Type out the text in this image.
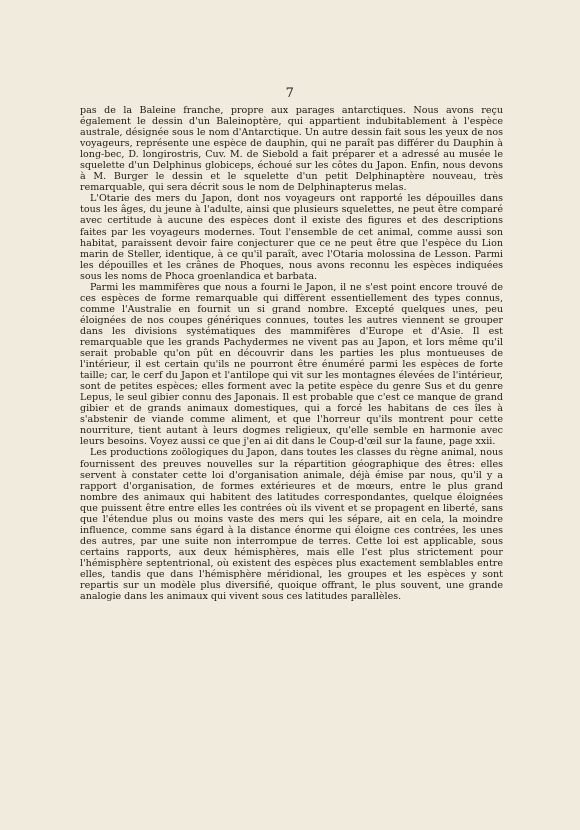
7

pas de la Baleine franche, propre aux parages antarctiques. Nous avons reçu également le dessin d'un Baleinoptère, qui appartient indubitablement à l'espèce australe, désignée sous le nom d'Antarctique. Un autre dessin fait sous les yeux de nos voyageurs, représente une espèce de dauphin, qui ne paraît pas différer du Dauphin à long-bec, D. longirostris, Cuv. M. de Siebold a fait préparer et a adressé au musée le squelette d'un Delphinus globiceps, échoué sur les côtes du Japon. Enfin, nous devons à M. Burger le dessin et le squelette d'un petit Delphinaptère nouveau, très remarquable, qui sera décrit sous le nom de Delphinapterus melas.

L'Otarie des mers du Japon, dont nos voyageurs ont rapporté les dépouilles dans tous les âges, du jeune à l'adulte, ainsi que plusieurs squelettes, ne peut être comparé avec certitude à aucune des espèces dont il existe des figures et des descriptions faites par les voyageurs modernes. Tout l'ensemble de cet animal, comme aussi son habitat, paraissent devoir faire conjecturer que ce ne peut être que l'espèce du Lion marin de Steller, identique, à ce qu'il paraît, avec l'Otaria molossina de Lesson. Parmi les dépouilles et les crânes de Phoques, nous avons reconnu les espèces indiquées sous les noms de Phoca groenlandica et barbata.

Parmi les mammifères que nous a fourni le Japon, il ne s'est point encore trouvé de ces espèces de forme remarquable qui diffèrent essentiellement des types connus, comme l'Australie en fournit un si grand nombre. Excepté quelques unes, peu éloignées de nos coupes génériques connues, toutes les autres viennent se grouper dans les divisions systématiques des mammifères d'Europe et d'Asie. Il est remarquable que les grands Pachydermes ne vivent pas au Japon, et lors même qu'il serait probable qu'on pût en découvrir dans les parties les plus montueuses de l'intérieur, il est certain qu'ils ne pourront être énuméré parmi les espèces de forte taille; car, le cerf du Japon et l'antilope qui vit sur les montagnes élevées de l'intérieur, sont de petites espèces; elles forment avec la petite espèce du genre Sus et du genre Lepus, le seul gibier connu des Japonais. Il est probable que c'est ce manque de grand gibier et de grands animaux domestiques, qui a forcé les habitans de ces îles à s'abstenir de viande comme aliment, et que l'horreur qu'ils montrent pour cette nourriture, tient autant à leurs dogmes religieux, qu'elle semble en harmonie avec leurs besoins. Voyez aussi ce que j'en ai dit dans le Coup-d'œil sur la faune, page xxii.

Les productions zoölogiques du Japon, dans toutes les classes du règne animal, nous fournissent des preuves nouvelles sur la répartition géographique des êtres: elles servent à constater cette loi d'organisation animale, déjà émise par nous, qu'il y a rapport d'organisation, de formes extérieures et de mœurs, entre le plus grand nombre des animaux qui habitent des latitudes correspondantes, quelque éloignées que puissent être entre elles les contrées où ils vivent et se propagent en liberté, sans que l'étendue plus ou moins vaste des mers qui les sépare, ait en cela, la moindre influence, comme sans égard à la distance énorme qui éloigne ces contrées, les unes des autres, par une suite non interrompue de terres. Cette loi est applicable, sous certains rapports, aux deux hémisphères, mais elle l'est plus strictement pour l'hémisphère septentrional, où existent des espèces plus exactement semblables entre elles, tandis que dans l'hémisphère méridional, les groupes et les espèces y sont repartis sur un modèle plus diversifié, quoique offrant, le plus souvent, une grande analogie dans les animaux qui vivent sous ces latitudes parallèles.
